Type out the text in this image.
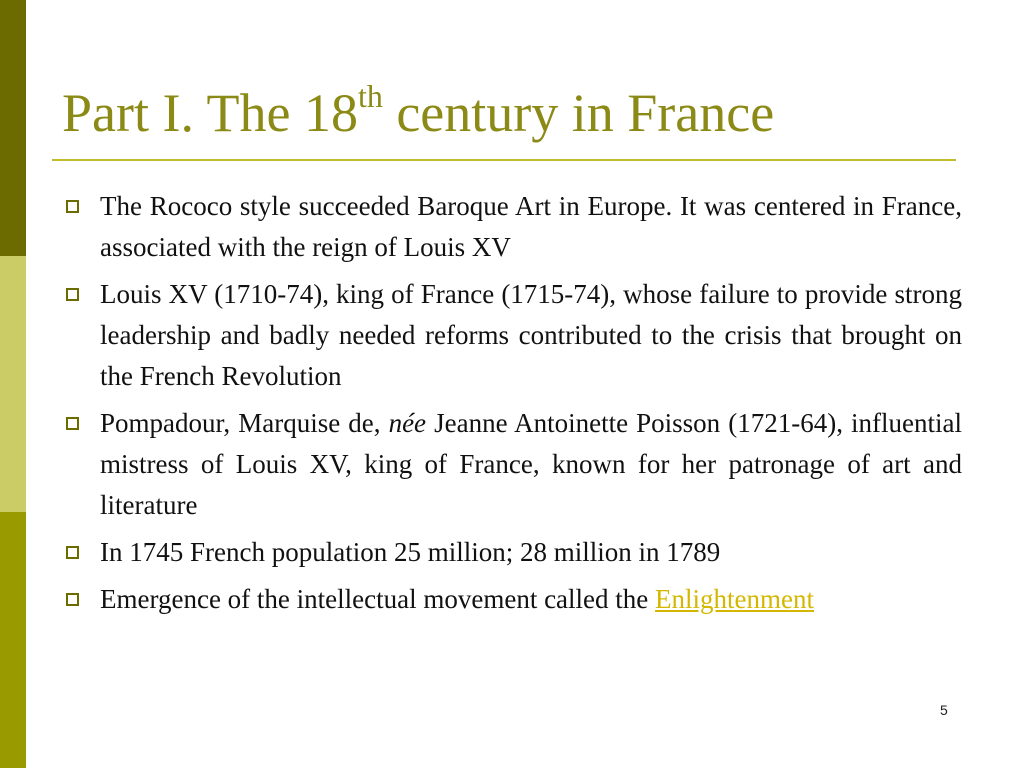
Part I. The 18th century in France
The Rococo style succeeded Baroque Art in Europe. It was centered in France, associated with the reign of Louis XV
Louis XV (1710-74), king of France (1715-74), whose failure to provide strong leadership and badly needed reforms contributed to the crisis that brought on the French Revolution
Pompadour, Marquise de, née Jeanne Antoinette Poisson (1721-64), influential mistress of Louis XV, king of France, known for her patronage of art and literature
In 1745 French population 25 million; 28 million in 1789
Emergence of the intellectual movement called the Enlightenment
5
